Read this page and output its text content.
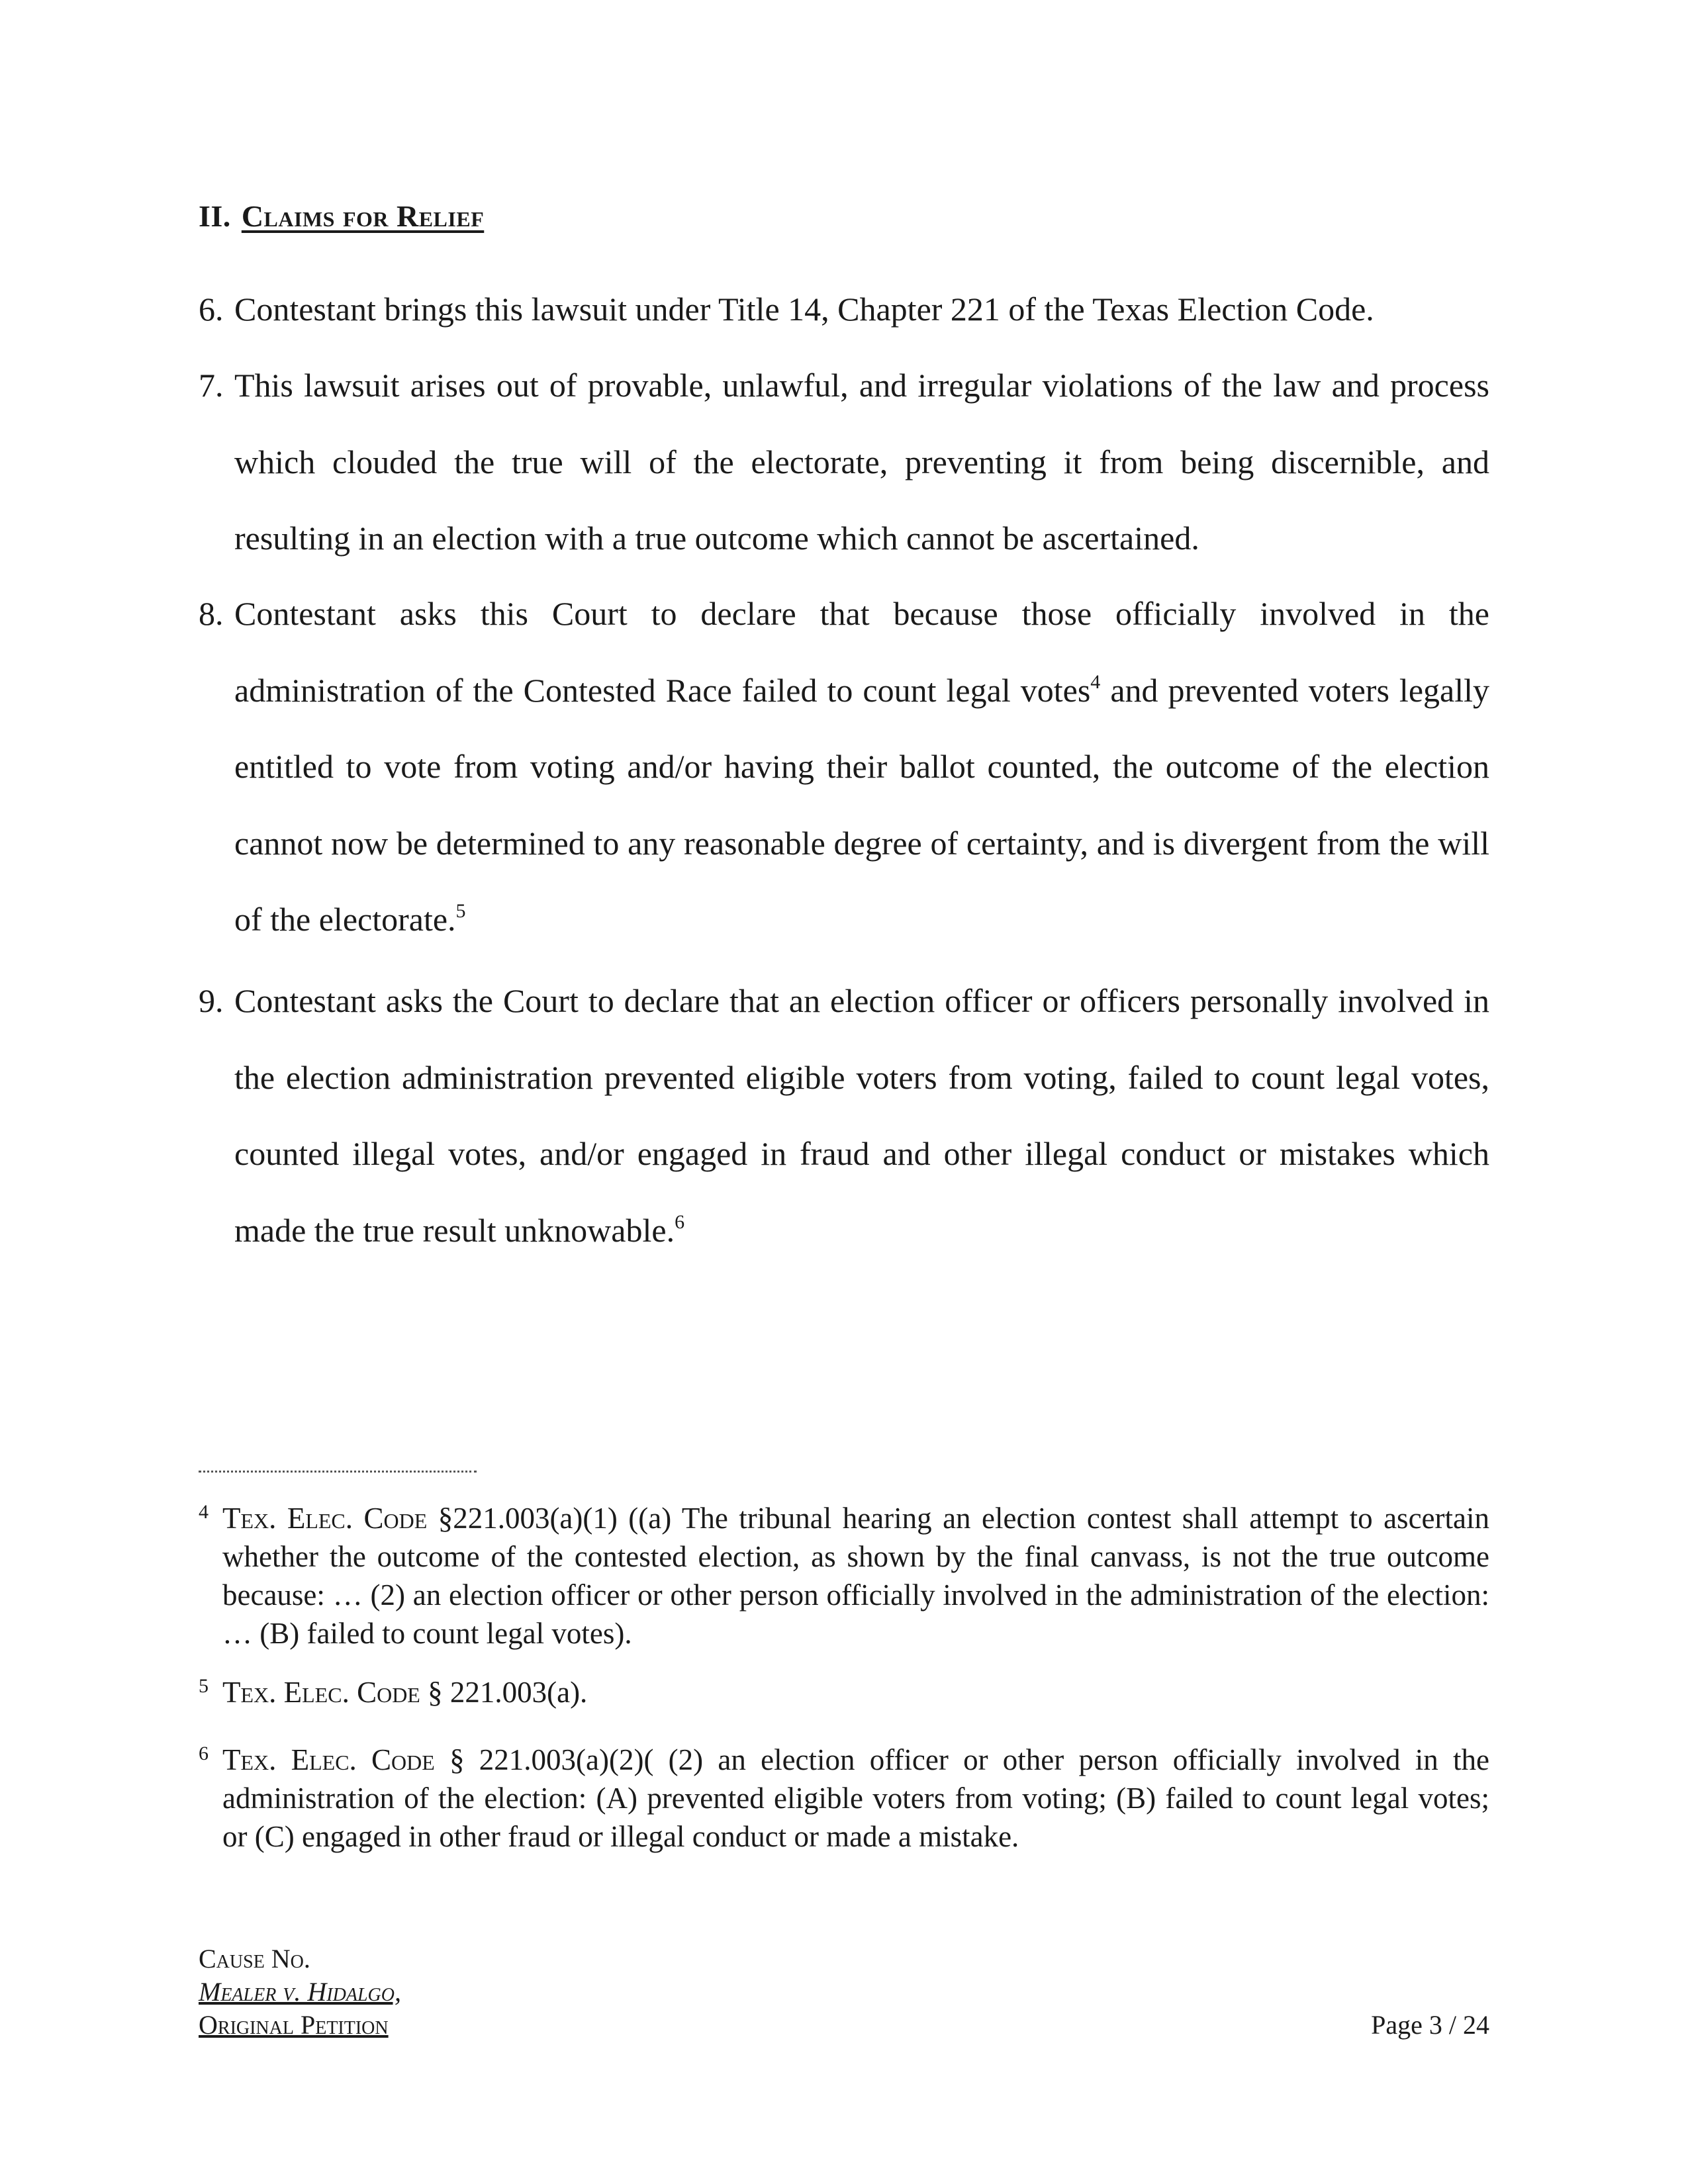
II. Claims for Relief
6. Contestant brings this lawsuit under Title 14, Chapter 221 of the Texas Election Code.
7. This lawsuit arises out of provable, unlawful, and irregular violations of the law and process which clouded the true will of the electorate, preventing it from being discernible, and resulting in an election with a true outcome which cannot be ascertained.
8. Contestant asks this Court to declare that because those officially involved in the administration of the Contested Race failed to count legal votes$^4$ and prevented voters legally entitled to vote from voting and/or having their ballot counted, the outcome of the election cannot now be determined to any reasonable degree of certainty, and is divergent from the will of the electorate.$^5$
9. Contestant asks the Court to declare that an election officer or officers personally involved in the election administration prevented eligible voters from voting, failed to count legal votes, counted illegal votes, and/or engaged in fraud and other illegal conduct or mistakes which made the true result unknowable.$^6$
4 Tex. Elec. Code §221.003(a)(1) ((a) The tribunal hearing an election contest shall attempt to ascertain whether the outcome of the contested election, as shown by the final canvass, is not the true outcome because: … (2) an election officer or other person officially involved in the administration of the election: … (B) failed to count legal votes).
5 Tex. Elec. Code § 221.003(a).
6 Tex. Elec. Code § 221.003(a)(2)( (2) an election officer or other person officially involved in the administration of the election: (A) prevented eligible voters from voting; (B) failed to count legal votes; or (C) engaged in other fraud or illegal conduct or made a mistake.
Cause No.
Mealer v. Hidalgo,
Original Petition	Page 3 / 24
